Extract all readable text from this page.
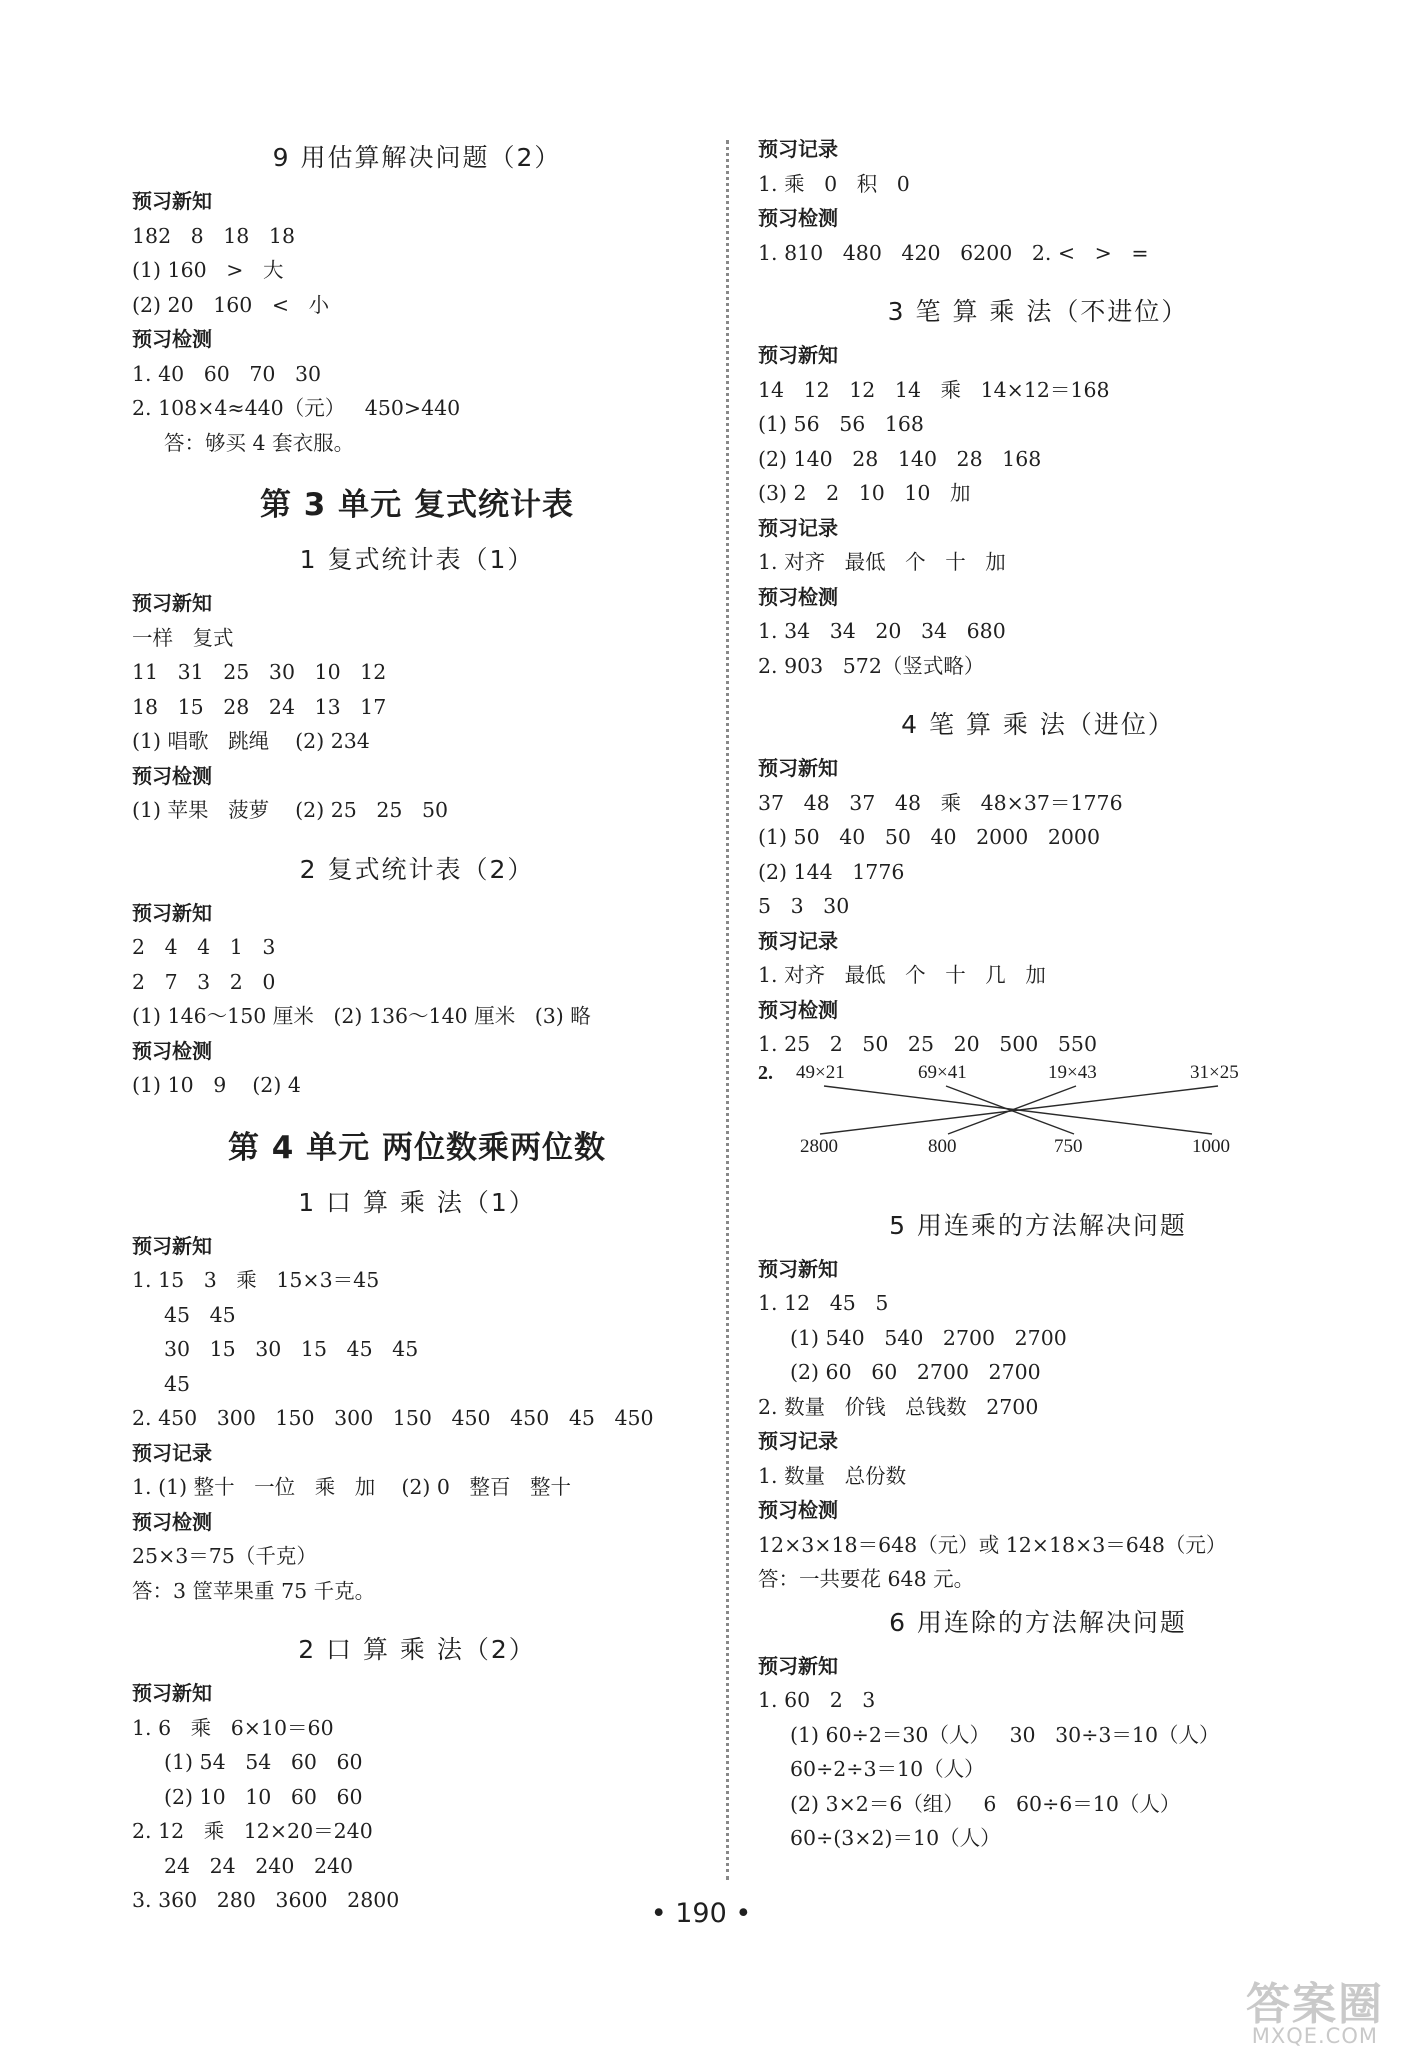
9 用估算解决问题（2）
预习新知
182   8   18   18
(1) 160   >   大
(2) 20   160   <   小
预习检测
1. 40   60   70   30
2. 108×4≈440（元）   450>440
答：够买 4 套衣服。
第 3 单元 复式统计表
1 复式统计表（1）
预习新知
一样   复式
11   31   25   30   10   12
18   15   28   24   13   17
(1) 唱歌   跳绳    (2) 234
预习检测
(1) 苹果   菠萝    (2) 25   25   50
2 复式统计表（2）
预习新知
2   4   4   1   3
2   7   3   2   0
(1) 146～150 厘米   (2) 136～140 厘米   (3) 略
预习检测
(1) 10   9    (2) 4
第 4 单元 两位数乘两位数
1 口 算 乘 法（1）
预习新知
1. 15   3   乘   15×3＝45
45   45
30   15   30   15   45   45
45
2. 450   300   150   300   150   450   450   45   450
预习记录
1. (1) 整十   一位   乘   加    (2) 0   整百   整十
预习检测
25×3＝75（千克）
答：3 筐苹果重 75 千克。
2 口 算 乘 法（2）
预习新知
1. 6   乘   6×10＝60
(1) 54   54   60   60
(2) 10   10   60   60
2. 12   乘   12×20＝240
24   24   240   240
3. 360   280   3600   2800
预习记录
1. 乘   0   积   0
预习检测
1. 810   480   420   6200   2. <   >   =
3 笔 算 乘 法（不进位）
预习新知
14   12   12   14   乘   14×12＝168
(1) 56   56   168
(2) 140   28   140   28   168
(3) 2   2   10   10   加
预习记录
1. 对齐   最低   个   十   加
预习检测
1. 34   34   20   34   680
2. 903   572（竖式略）
4 笔 算 乘 法（进位）
预习新知
37   48   37   48   乘   48×37＝1776
(1) 50   40   50   40   2000   2000
(2) 144   1776
5   3   30
预习记录
1. 对齐   最低   个   十   几   加
预习检测
1. 25   2   50   25   20   500   550
2. 49×21	69×41	19×43	31×25
2800	800	750	1000
5 用连乘的方法解决问题
预习新知
1. 12   45   5
(1) 540   540   2700   2700
(2) 60   60   2700   2700
2. 数量   价钱   总钱数   2700
预习记录
1. 数量   总份数
预习检测
12×3×18＝648（元）或 12×18×3＝648（元）
答：一共要花 648 元。
6 用连除的方法解决问题
预习新知
1. 60   2   3
(1) 60÷2＝30（人）   30   30÷3＝10（人）
60÷2÷3＝10（人）
(2) 3×2＝6（组）   6   60÷6＝10（人）
60÷(3×2)＝10（人）
• 190 •
答案圈
MXQE.COM
